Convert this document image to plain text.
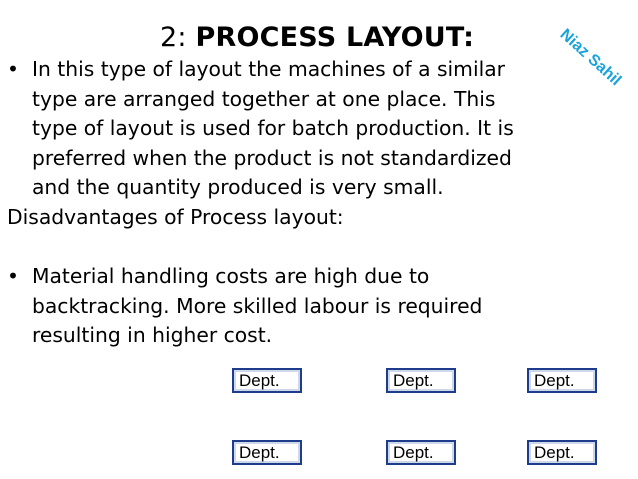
2: PROCESS LAYOUT:	Niaz Sahil
• In this type of layout the machines of a similar
type are arranged together at one place. This
type of layout is used for batch production. It is
preferred when the product is not standardized
and the quantity produced is very small.
Disadvantages of Process layout:
• Material handling costs are high due to
backtracking. More skilled labour is required
resulting in higher cost.
Dept.	Dept.	Dept.
Dept.	Dept.	Dept.
